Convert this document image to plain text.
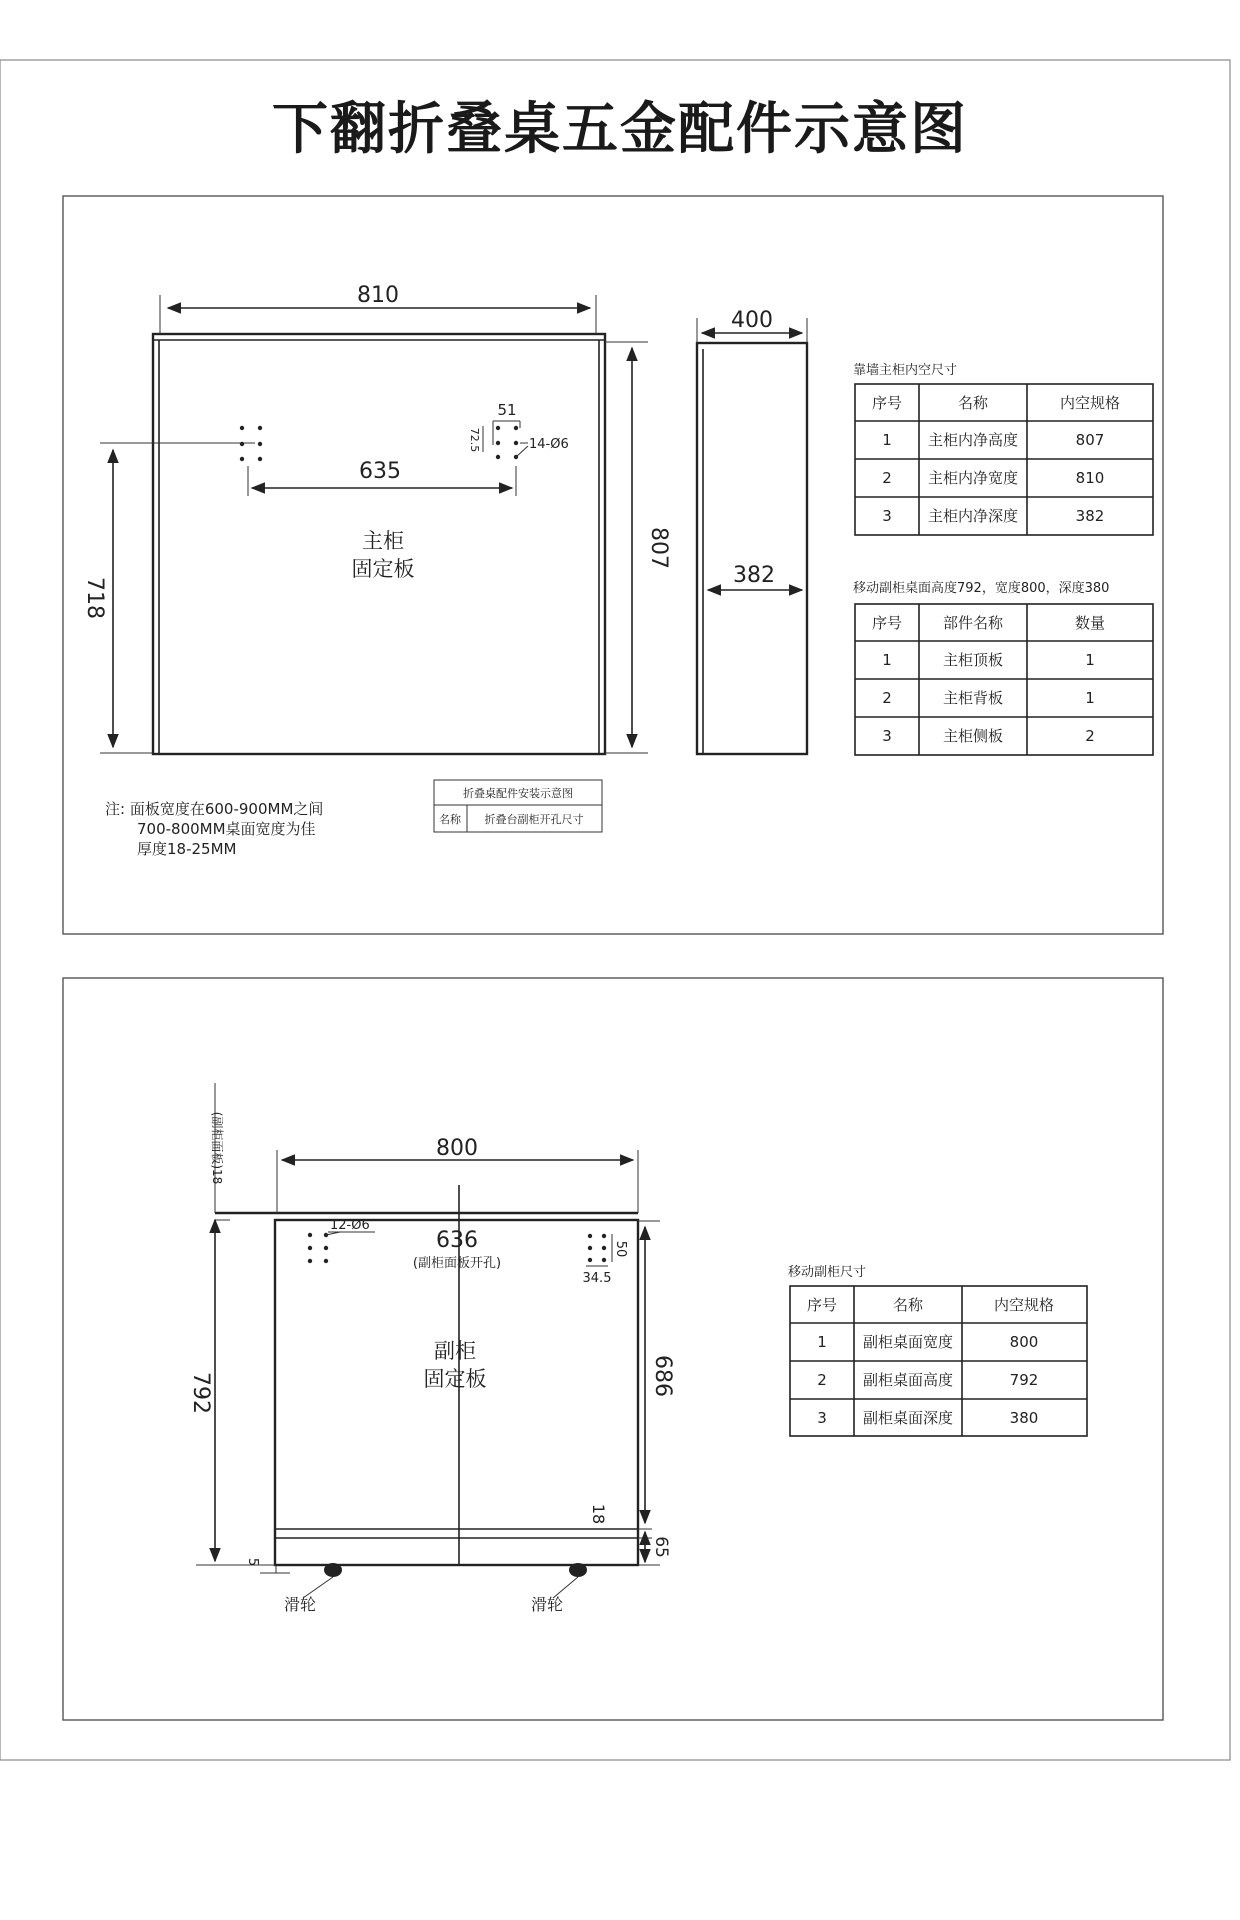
下翻折叠桌五金配件示意图
810
807
718
51
72.5	14-Ø6
635
主柜
固定板
400
382
靠墙主柜内空尺寸
序号	名称	内空规格
1 主柜内净高度	807
2 主柜内净宽度	810
3 主柜内净深度	382
移动副柜桌面高度792，宽度800，深度380
序号	部件名称	数量
1	主柜顶板	1
2	主柜背板	1
3	主柜侧板	2
注: 面板宽度在600-900MM之间
700-800MM桌面宽度为佳
厚度18-25MM
折叠桌配件安装示意图
名称 折叠台副柜开孔尺寸
(副柜面板)18
滑轮	滑轮
800
636
(副柜面板开孔)
12-Ø6
50
34.5
副柜
固定板
792	686
18
65
5
移动副柜尺寸
序号	名称	内空规格
1 副柜桌面宽度	800
2 副柜桌面高度	792
3 副柜桌面深度	380
